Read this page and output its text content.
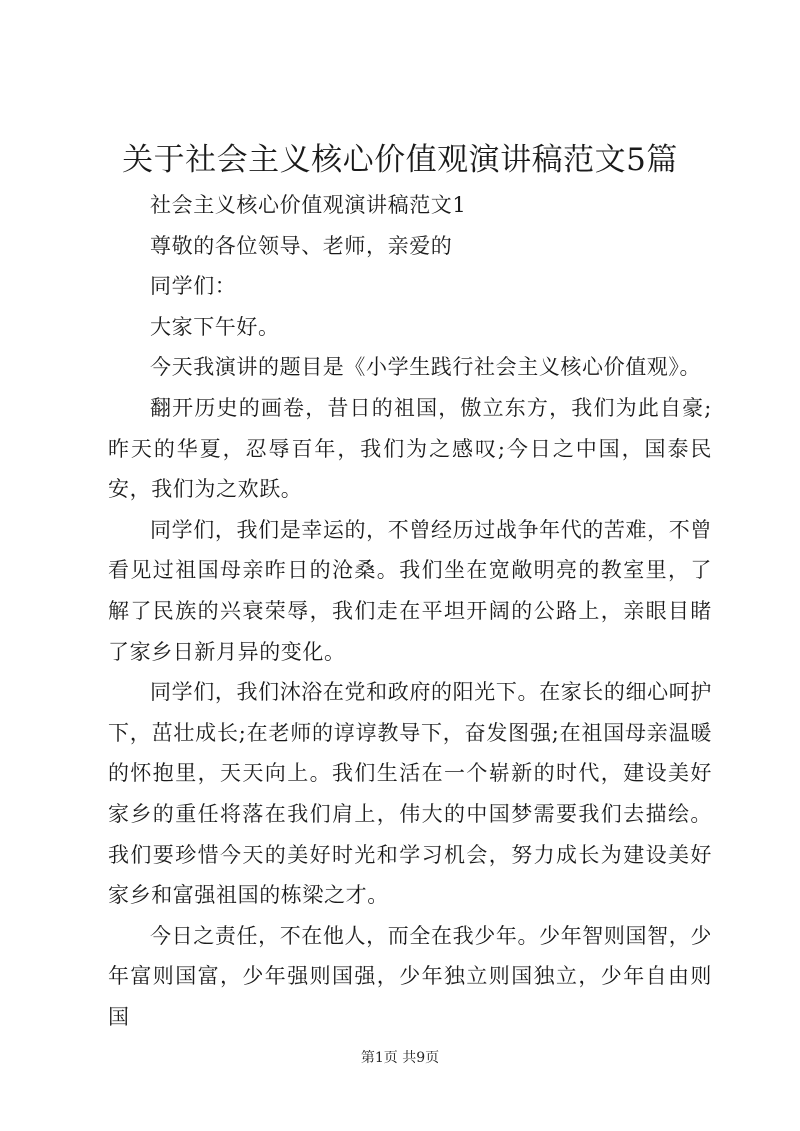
关于社会主义核心价值观演讲稿范文5篇

社会主义核心价值观演讲稿范文1

尊敬的各位领导、老师，亲爱的

同学们：

大家下午好。

今天我演讲的题目是《小学生践行社会主义核心价值观》。

翻开历史的画卷，昔日的祖国，傲立东方，我们为此自豪;昨天的华夏，忍辱百年，我们为之感叹;今日之中国，国泰民安，我们为之欢跃。

同学们，我们是幸运的，不曾经历过战争年代的苦难，不曾看见过祖国母亲昨日的沧桑。我们坐在宽敞明亮的教室里，了解了民族的兴衰荣辱，我们走在平坦开阔的公路上，亲眼目睹了家乡日新月异的变化。

同学们，我们沐浴在党和政府的阳光下。在家长的细心呵护下，茁壮成长;在老师的谆谆教导下，奋发图强;在祖国母亲温暖的怀抱里，天天向上。我们生活在一个崭新的时代，建设美好家乡的重任将落在我们肩上，伟大的中国梦需要我们去描绘。我们要珍惜今天的美好时光和学习机会，努力成长为建设美好家乡和富强祖国的栋梁之才。

今日之责任，不在他人，而全在我少年。少年智则国智，少年富则国富，少年强则国强，少年独立则国独立，少年自由则国

第1页 共9页
